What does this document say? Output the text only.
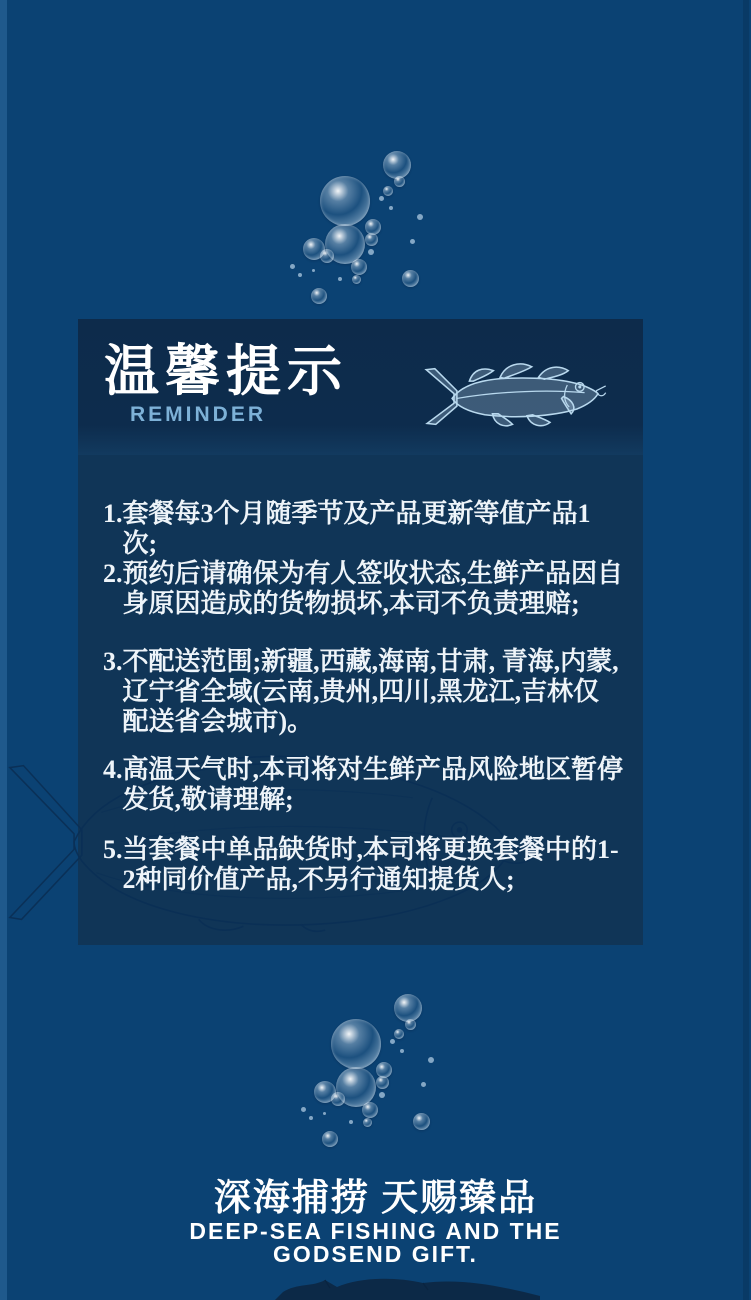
温馨提示
REMINDER
1. 套餐每3个月随季节及产品更新等值产品1次;
2. 预约后请确保为有人签收状态,生鲜产品因自身原因造成的货物损坏,本司不负责理赔;
3. 不配送范围;新疆,西藏,海南,甘肃, 青海,内蒙,辽宁省全域(云南,贵州,四川,黑龙江,吉林仅配送省会城市)。
4. 高温天气时,本司将对生鲜产品风险地区暂停发货,敬请理解;
5. 当套餐中单品缺货时,本司将更换套餐中的1-2种同价值产品,不另行通知提货人;
深海捕捞 天赐臻品
DEEP-SEA FISHING AND THE
GODSEND GIFT.
